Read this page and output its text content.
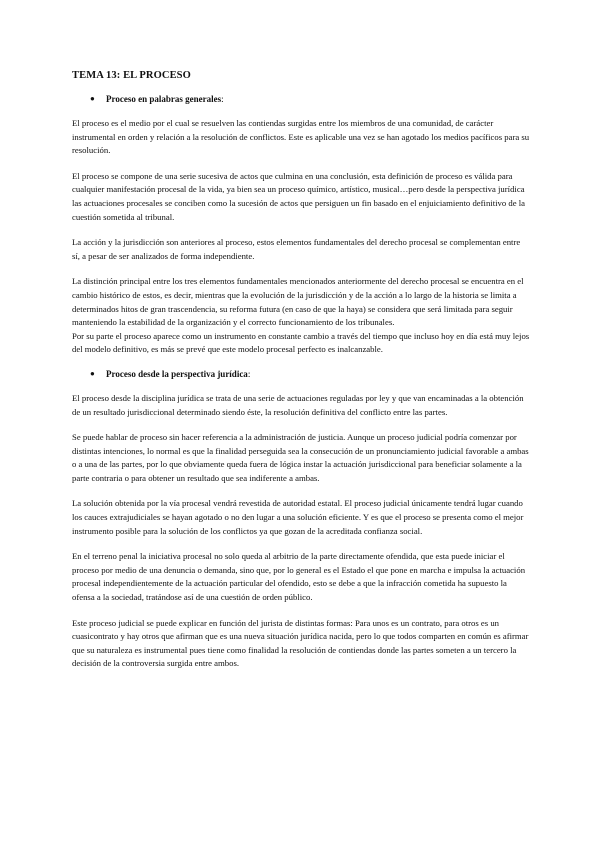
TEMA 13: EL PROCESO
● Proceso en palabras generales:

El proceso es el medio por el cual se resuelven las contiendas surgidas entre los miembros de una comunidad, de carácter instrumental en orden y relación a la resolución de conflictos. Este es aplicable una vez se han agotado los medios pacíficos para su resolución.

El proceso se compone de una serie sucesiva de actos que culmina en una conclusión, esta definición de proceso es válida para cualquier manifestación procesal de la vida, ya bien sea un proceso químico, artístico, musical…pero desde la perspectiva jurídica las actuaciones procesales se conciben como la sucesión de actos que persiguen un fin basado en el enjuiciamiento definitivo de la cuestión sometida al tribunal.

La acción y la jurisdicción son anteriores al proceso, estos elementos fundamentales del derecho procesal se complementan entre sí, a pesar de ser analizados de forma independiente.

La distinción principal entre los tres elementos fundamentales mencionados anteriormente del derecho procesal se encuentra en el cambio histórico de estos, es decir, mientras que la evolución de la jurisdicción y de la acción a lo largo de la historia se limita a determinados hitos de gran trascendencia, su reforma futura (en caso de que la haya) se considera que será limitada para seguir manteniendo la estabilidad de la organización y el correcto funcionamiento de los tribunales.

Por su parte el proceso aparece como un instrumento en constante cambio a través del tiempo que incluso hoy en día está muy lejos del modelo definitivo, es más se prevé que este modelo procesal perfecto es inalcanzable.

● Proceso desde la perspectiva jurídica:

El proceso desde la disciplina jurídica se trata de una serie de actuaciones reguladas por ley y que van encaminadas a la obtención de un resultado jurisdiccional determinado siendo éste, la resolución definitiva del conflicto entre las partes.

Se puede hablar de proceso sin hacer referencia a la administración de justicia. Aunque un proceso judicial podría comenzar por distintas intenciones, lo normal es que la finalidad perseguida sea la consecución de un pronunciamiento judicial favorable a ambas o a una de las partes, por lo que obviamente queda fuera de lógica instar la actuación jurisdiccional para beneficiar solamente a la parte contraria o para obtener un resultado que sea indiferente a ambas.

La solución obtenida por la vía procesal vendrá revestida de autoridad estatal. El proceso judicial únicamente tendrá lugar cuando los cauces extrajudiciales se hayan agotado o no den lugar a una solución eficiente. Y es que el proceso se presenta como el mejor instrumento posible para la solución de los conflictos ya que gozan de la acreditada confianza social.

En el terreno penal la iniciativa procesal no solo queda al arbitrio de la parte directamente ofendida, que esta puede iniciar el proceso por medio de una denuncia o demanda, sino que, por lo general es el Estado el que pone en marcha e impulsa la actuación procesal independientemente de la actuación particular del ofendido, esto se debe a que la infracción cometida ha supuesto la ofensa a la sociedad, tratándose así de una cuestión de orden público.

Este proceso judicial se puede explicar en función del jurista de distintas formas: Para unos es un contrato, para otros es un cuasicontrato y hay otros que afirman que es una nueva situación jurídica nacida, pero lo que todos comparten en común es afirmar que su naturaleza es instrumental pues tiene como finalidad la resolución de contiendas donde las partes someten a un tercero la decisión de la controversia surgida entre ambos.
